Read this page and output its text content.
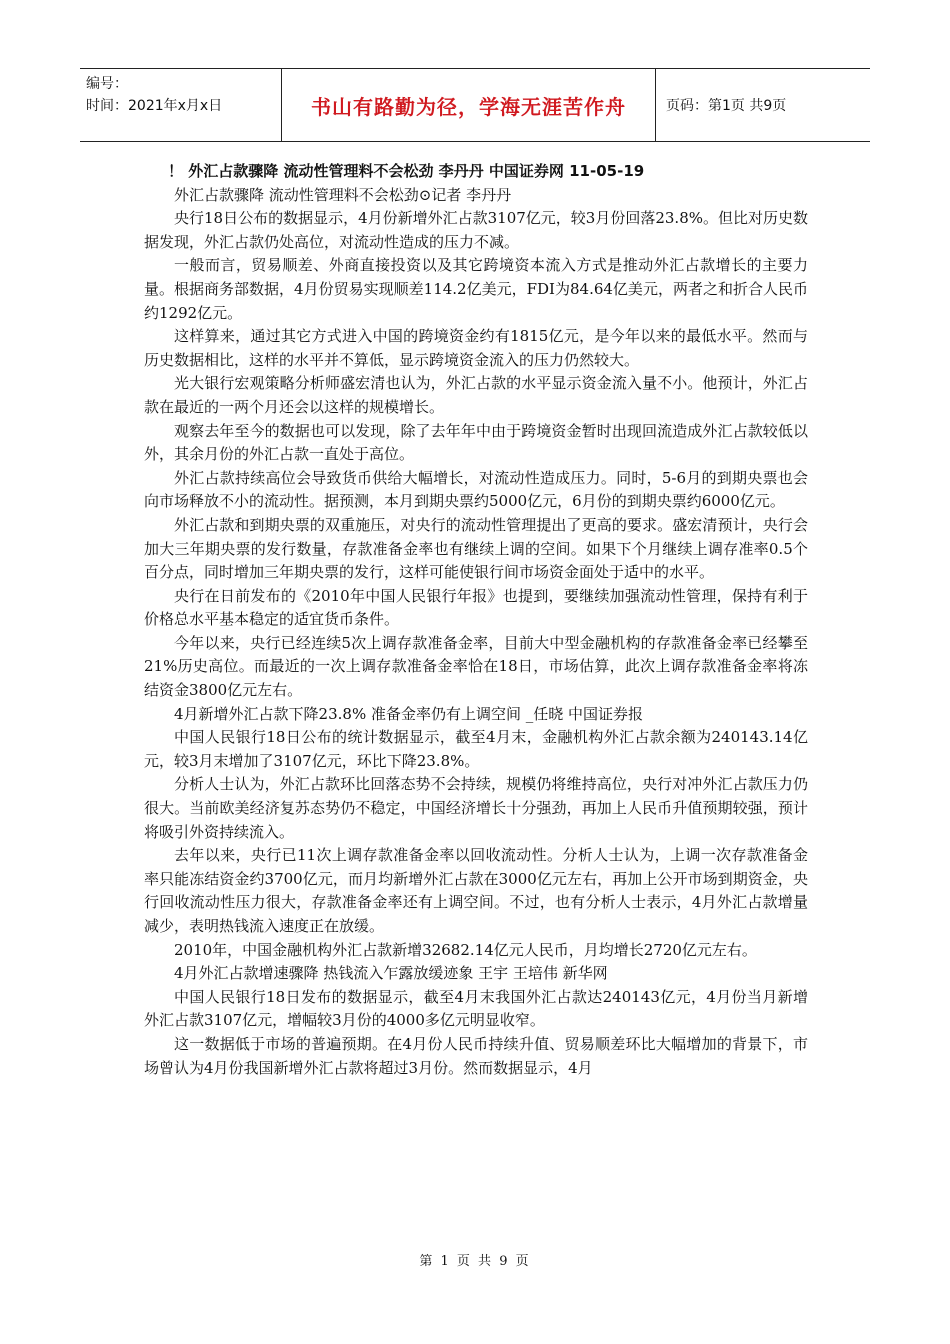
编号：
时间：2021年x月x日	书山有路勤为径，学海无涯苦作舟	页码：第1页 共9页

！ 外汇占款骤降 流动性管理料不会松劲 李丹丹 中国证券网 11-05-19

外汇占款骤降 流动性管理料不会松劲⊙记者 李丹丹

央行18日公布的数据显示，4月份新增外汇占款3107亿元，较3月份回落23.8%。但比对历史数据发现，外汇占款仍处高位，对流动性造成的压力不减。

一般而言，贸易顺差、外商直接投资以及其它跨境资本流入方式是推动外汇占款增长的主要力量。根据商务部数据，4月份贸易实现顺差114.2亿美元，FDI为84.64亿美元，两者之和折合人民币约1292亿元。

这样算来，通过其它方式进入中国的跨境资金约有1815亿元，是今年以来的最低水平。然而与历史数据相比，这样的水平并不算低，显示跨境资金流入的压力仍然较大。

光大银行宏观策略分析师盛宏清也认为，外汇占款的水平显示资金流入量不小。他预计，外汇占款在最近的一两个月还会以这样的规模增长。

观察去年至今的数据也可以发现，除了去年年中由于跨境资金暂时出现回流造成外汇占款较低以外，其余月份的外汇占款一直处于高位。

外汇占款持续高位会导致货币供给大幅增长，对流动性造成压力。同时，5-6月的到期央票也会向市场释放不小的流动性。据预测，本月到期央票约5000亿元，6月份的到期央票约6000亿元。

外汇占款和到期央票的双重施压，对央行的流动性管理提出了更高的要求。盛宏清预计，央行会加大三年期央票的发行数量，存款准备金率也有继续上调的空间。如果下个月继续上调存准率0.5个百分点，同时增加三年期央票的发行，这样可能使银行间市场资金面处于适中的水平。

央行在日前发布的《2010年中国人民银行年报》也提到，要继续加强流动性管理，保持有利于价格总水平基本稳定的适宜货币条件。

今年以来，央行已经连续5次上调存款准备金率，目前大中型金融机构的存款准备金率已经攀至21%历史高位。而最近的一次上调存款准备金率恰在18日，市场估算，此次上调存款准备金率将冻结资金3800亿元左右。

4月新增外汇占款下降23.8% 准备金率仍有上调空间 _任晓 中国证券报

中国人民银行18日公布的统计数据显示，截至4月末，金融机构外汇占款余额为240143.14亿元，较3月末增加了3107亿元，环比下降23.8%。

分析人士认为，外汇占款环比回落态势不会持续，规模仍将维持高位，央行对冲外汇占款压力仍很大。当前欧美经济复苏态势仍不稳定，中国经济增长十分强劲，再加上人民币升值预期较强，预计将吸引外资持续流入。

去年以来，央行已11次上调存款准备金率以回收流动性。分析人士认为，上调一次存款准备金率只能冻结资金约3700亿元，而月均新增外汇占款在3000亿元左右，再加上公开市场到期资金，央行回收流动性压力很大，存款准备金率还有上调空间。不过，也有分析人士表示，4月外汇占款增量减少，表明热钱流入速度正在放缓。

2010年，中国金融机构外汇占款新增32682.14亿元人民币，月均增长2720亿元左右。

4月外汇占款增速骤降 热钱流入乍露放缓迹象 王宇 王培伟 新华网

中国人民银行18日发布的数据显示，截至4月末我国外汇占款达240143亿元，4月份当月新增外汇占款3107亿元，增幅较3月份的4000多亿元明显收窄。

这一数据低于市场的普遍预期。在4月份人民币持续升值、贸易顺差环比大幅增加的背景下，市场曾认为4月份我国新增外汇占款将超过3月份。然而数据显示，4月

第 1 页 共 9 页
